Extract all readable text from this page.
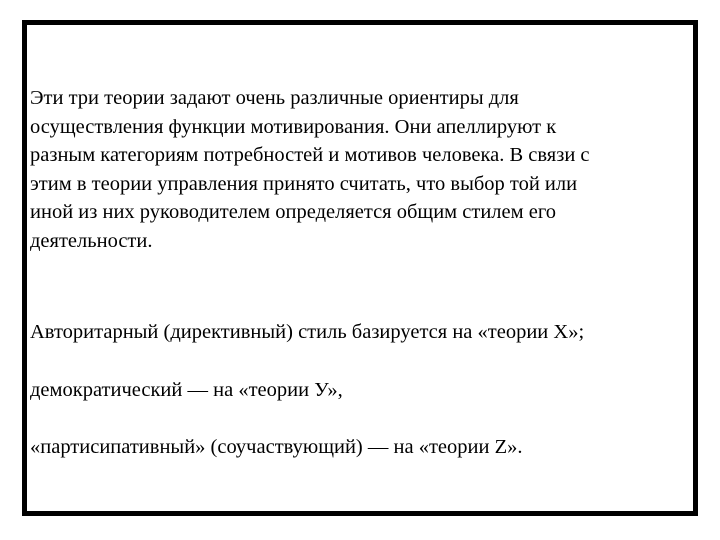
Эти три теории задают очень различные ориентиры для
осуществления функции мотивирования. Они апеллируют к
разным категориям потребностей и мотивов человека. В связи с
этим в теории управления принято считать, что выбор той или
иной из них руководителем определяется общим стилем его
деятельности.
Авторитарный (директивный) стиль базируется на «теории X»;
демократический — на «теории У»,
«партисипативный» (соучаствующий) — на «теории Z».
